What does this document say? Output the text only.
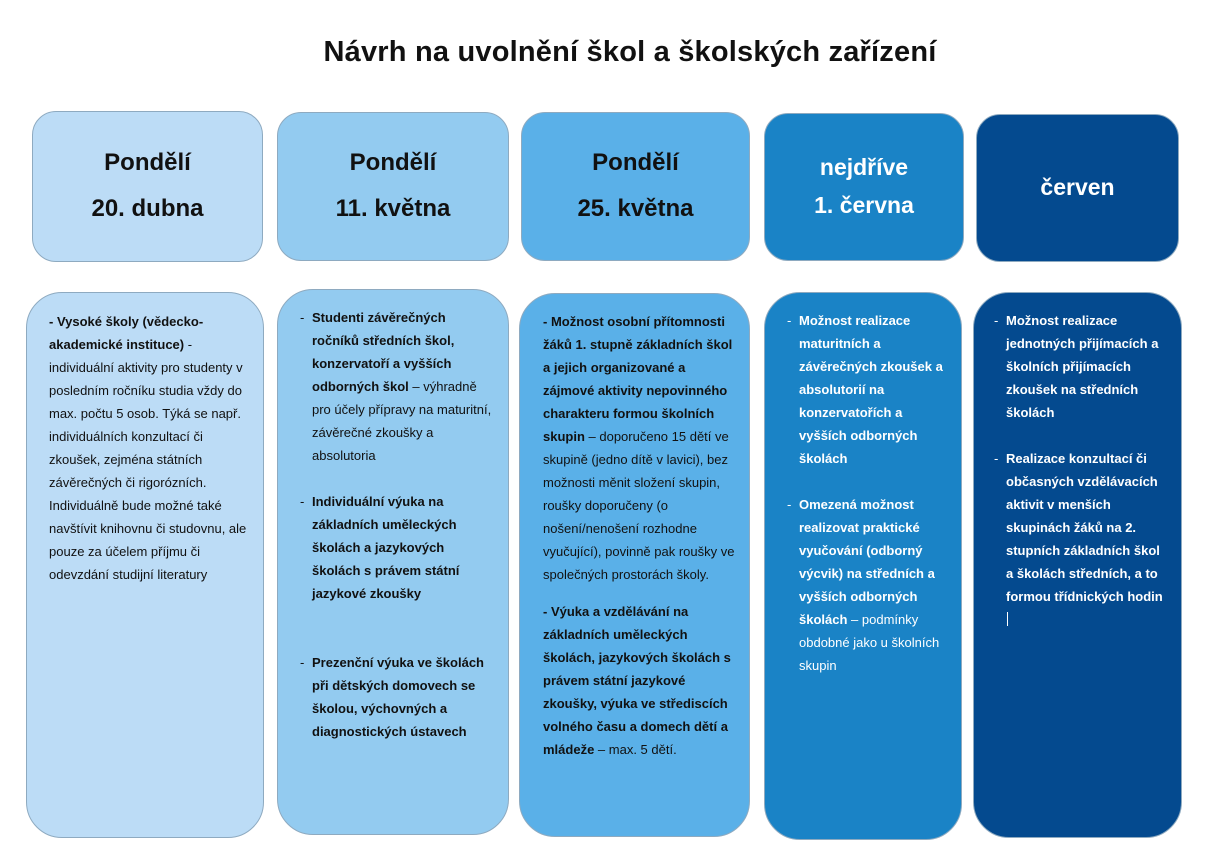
Návrh na uvolnění škol a školských zařízení
Pondělí
20. dubna

- Vysoké školy (vědecko-akademické instituce) - individuální aktivity pro studenty v posledním ročníku studia vždy do max. počtu 5 osob. Týká se např. individuálních konzultací či zkoušek, zejména státních závěrečných či rigorózních. Individuálně bude možné také navštívit knihovnu či studovnu, ale pouze za účelem příjmu či odevzdání studijní literatury

Pondělí
11. května
- Studenti závěrečných ročníků středních škol, konzervatoří a vyšších odborných škol – výhradně pro účely přípravy na maturitní, závěrečné zkoušky a absolutoria
- Individuální výuka na základních uměleckých školách a jazykových školách s právem státní jazykové zkoušky
- Prezenční výuka ve školách při dětských domovech se školou, výchovných a diagnostických ústavech
Pondělí
25. května

- Možnost osobní přítomnosti žáků 1. stupně základních škol a jejich organizované a zájmové aktivity nepovinného charakteru formou školních skupin – doporučeno 15 dětí ve skupině (jedno dítě v lavici), bez možnosti měnit složení skupin, roušky doporučeny (o nošení/nenošení rozhodne vyučující), povinně pak roušky ve společných prostorách školy.

- Výuka a vzdělávání na základních uměleckých školách, jazykových školách s právem státní jazykové zkoušky, výuka ve střediscích volného času a domech dětí a mládeže – max. 5 dětí.

nejdříve
1. června
- Možnost realizace maturitních a závěrečných zkoušek a absolutorií na konzervatořích a vyšších odborných školách
- Omezená možnost realizovat praktické vyučování (odborný výcvik) na středních a vyšších odborných školách – podmínky obdobné jako u školních skupin
červen
- Možnost realizace jednotných přijímacích a školních přijímacích zkoušek na středních školách
- Realizace konzultací či občasných vzdělávacích aktivit v menších skupinách žáků na 2. stupních základních škol a školách středních, a to formou třídnických hodin
